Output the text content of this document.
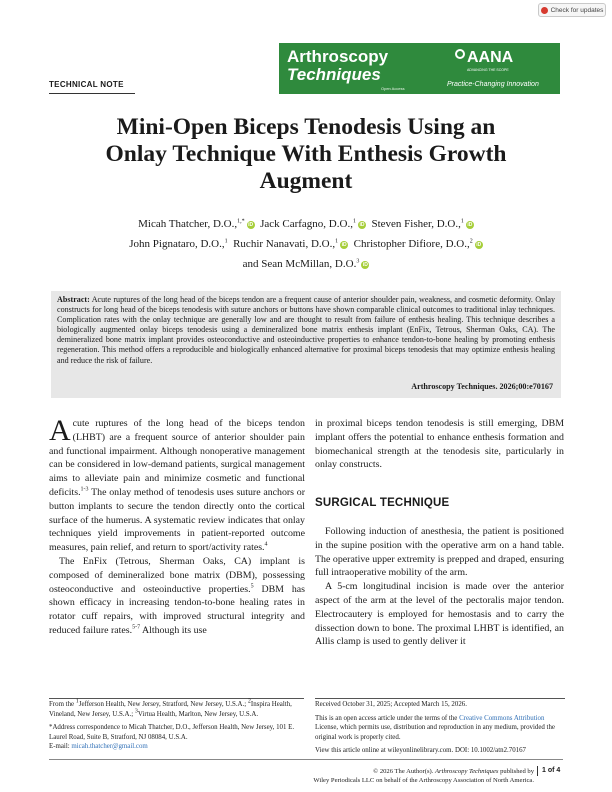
Check for updates
Arthroscopy
Techniques
Open Access
AANA
ADVANCING THE SCOPE
Practice-Changing Innovation
TECHNICAL NOTE
Mini-Open Biceps Tenodesis Using an
Onlay Technique With Enthesis Growth
Augment
Micah Thatcher, D.O.,$^{1,*}$iD Jack Carfagno, D.O.,$^1$iD Steven Fisher, D.O.,$^1$iD
John Pignataro, D.O.,$^1$ Ruchir Nanavati, D.O.,$^1$iD Christopher Difiore, D.O.,$^2$iD
and Sean McMillan, D.O.$^3$iD
Abstract: Acute ruptures of the long head of the biceps tendon are a frequent cause of anterior shoulder pain, weakness, and cosmetic deformity. Onlay constructs for long head of the biceps tenodesis with suture anchors or buttons have shown comparable clinical outcomes to traditional inlay techniques. Complication rates with the onlay technique are generally low and are thought to result from failure of enthesis healing. This technique describes a biologically augmented onlay biceps tenodesis using a demineralized bone matrix enthesis implant (EnFix, Tetrous, Sherman Oaks, CA). The demineralized bone matrix implant provides osteoconductive and osteoinductive properties to enhance tendon-to-bone healing by promoting enthesis regeneration. This method offers a reproducible and biologically enhanced alternative for proximal biceps tenodesis that may optimize enthesis healing and reduce the risk of failure.
Arthroscopy Techniques. 2026;00:e70167

Acute ruptures of the long head of the biceps tendon (LHBT) are a frequent source of anterior shoulder pain and functional impairment. Although nonoperative management can be considered in low-demand patients, surgical management aims to alleviate pain and minimize cosmetic and functional deficits.$^{1-3}$ The onlay method of tenodesis uses suture anchors or button implants to secure the tendon directly onto the cortical surface of the humerus. A systematic review indicates that onlay techniques yield improvements in patient-reported outcome measures, pain relief, and return to sport/activity rates.$^4$

The EnFix (Tetrous, Sherman Oaks, CA) implant is composed of demineralized bone matrix (DBM), possessing osteoconductive and osteoinductive properties.$^5$ DBM has shown efficacy in increasing tendon-to-bone healing rates in rotator cuff repairs, with improved structural integrity and reduced failure rates.$^{5-7}$ Although its use

in proximal biceps tendon tenodesis is still emerging, DBM implant offers the potential to enhance enthesis formation and biomechanical strength at the tenodesis site, particularly in onlay constructs.

SURGICAL TECHNIQUE

Following induction of anesthesia, the patient is positioned in the supine position with the operative arm on a hand table. The operative upper extremity is prepped and draped, ensuring full intraoperative mobility of the arm.

A 5-cm longitudinal incision is made over the anterior aspect of the arm at the level of the pectoralis major tendon. Electrocautery is employed for hemostasis and to carry the dissection down to bone. The proximal LHBT is identified, an Allis clamp is used to gently deliver it

From the $^1$Jefferson Health, New Jersey, Stratford, New Jersey, U.S.A.; $^2$Inspira Health, Vineland, New Jersey, U.S.A.; $^3$Virtua Health, Marlton, New Jersey, U.S.A.

*Address correspondence to Micah Thatcher, D.O., Jefferson Health, New Jersey, 101 E. Laurel Road, Suite B, Stratford, NJ 08084, U.S.A.
E-mail: micah.thatcher@gmail.com

Received October 31, 2025; Accepted March 15, 2026.

This is an open access article under the terms of the Creative Commons Attribution License, which permits use, distribution and reproduction in any medium, provided the original work is properly cited.

View this article online at wileyonlinelibrary.com. DOI: 10.1002/atn2.70167

© 2026 The Author(s). Arthroscopy Techniques published by
Wiley Periodicals LLC on behalf of the Arthroscopy Association of North America.
1 of 4
